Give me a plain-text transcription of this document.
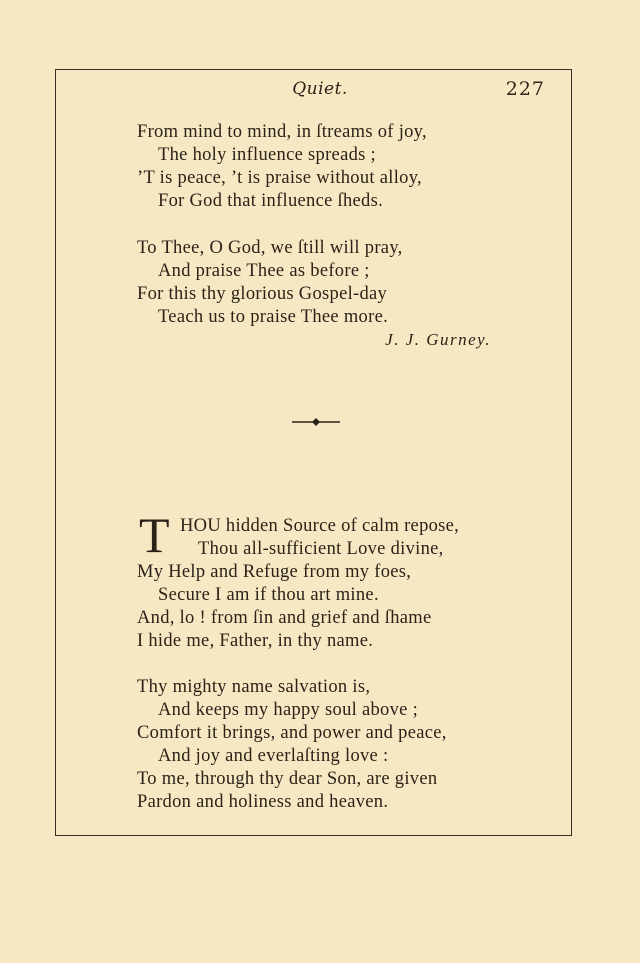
Quiet.	227
From mind to mind, in ſtreams of joy,
The holy influence spreads ;
’T is peace, ’t is praise without alloy,
For God that influence ſheds.
To Thee, O God, we ſtill will pray,
And praise Thee as before ;
For this thy glorious Gospel-day
Teach us to praise Thee more.
J. J. Gurney.
T HOU hidden Source of calm repose,
Thou all-sufficient Love divine,
My Help and Refuge from my foes,
Secure I am if thou art mine.
And, lo ! from ſin and grief and ſhame
I hide me, Father, in thy name.
Thy mighty name salvation is,
And keeps my happy soul above ;
Comfort it brings, and power and peace,
And joy and everlaſting love :
To me, through thy dear Son, are given
Pardon and holiness and heaven.
